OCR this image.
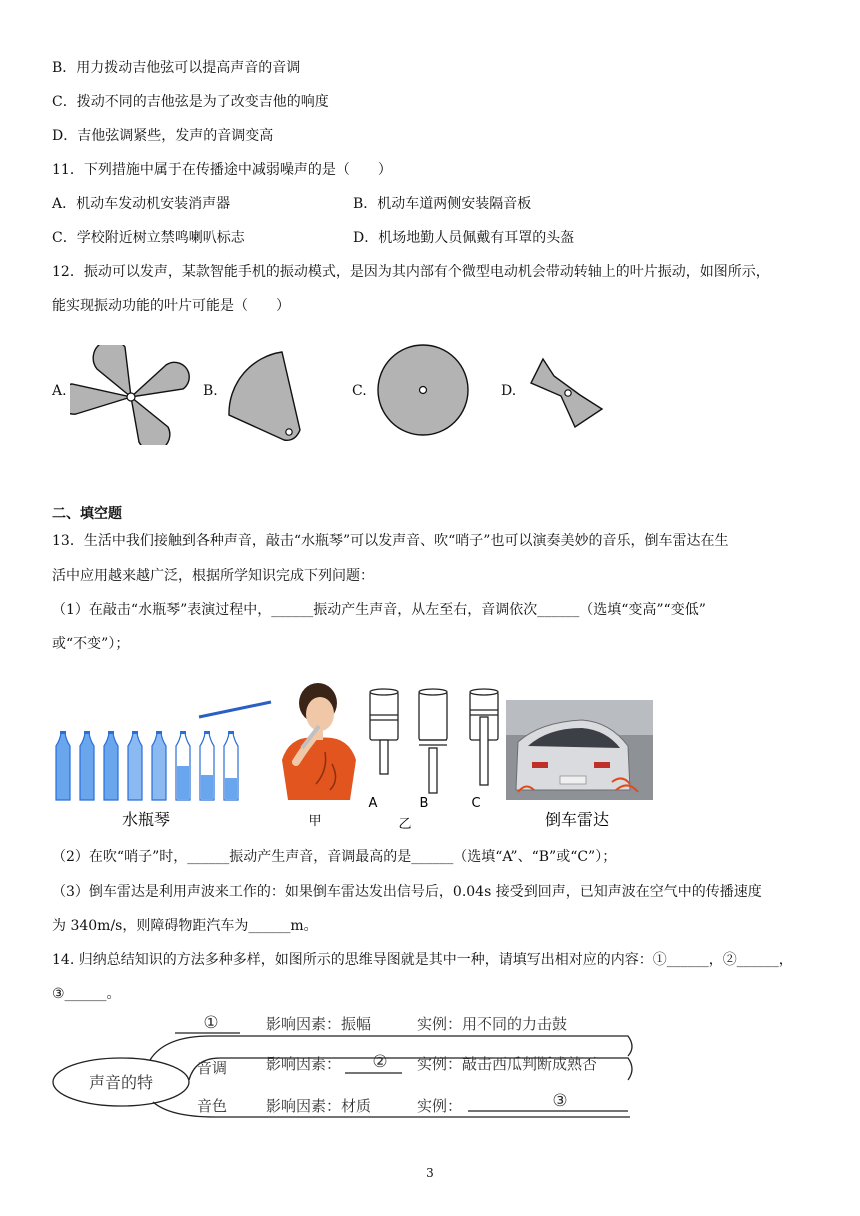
B．用力拨动吉他弦可以提高声音的音调
C．拨动不同的吉他弦是为了改变吉他的响度
D．吉他弦调紧些，发声的音调变高
11．下列措施中属于在传播途中减弱噪声的是（　　）
A．机动车发动机安装消声器	B．机动车道两侧安装隔音板
C．学校附近树立禁鸣喇叭标志	D．机场地勤人员佩戴有耳罩的头盔
12．振动可以发声，某款智能手机的振动模式，是因为其内部有个微型电动机会带动转轴上的叶片振动，如图所示，
能实现振动功能的叶片可能是（　　）
A.	B.	C.	D.
二、填空题
13．生活中我们接触到各种声音，敲击“水瓶琴”可以发声音、吹“哨子”也可以演奏美妙的音乐，倒车雷达在生
活中应用越来越广泛，根据所学知识完成下列问题：
（1）在敲击“水瓶琴”表演过程中，______振动产生声音，从左至右，音调依次______（选填“变高”“变低”
或“不变”）；
水瓶琴	甲
A	B	C
乙	倒车雷达
（2）在吹“哨子”时，______振动产生声音，音调最高的是______（选填“A”、“B”或“C”）；
（3）倒车雷达是利用声波来工作的：如果倒车雷达发出信号后，0.04s 接受到回声，已知声波在空气中的传播速度
为 340m/s，则障碍物距汽车为______m。
14. 归纳总结知识的方法多种多样，如图所示的思维导图就是其中一种，请填写出相对应的内容：①______，②______，
③______。
声音的特
①	影响因素：振幅	实例：用不同的力击鼓
音调	影响因素： ② 实例：敲击西瓜判断成熟否
音色	影响因素：材质	实例：	③
3
